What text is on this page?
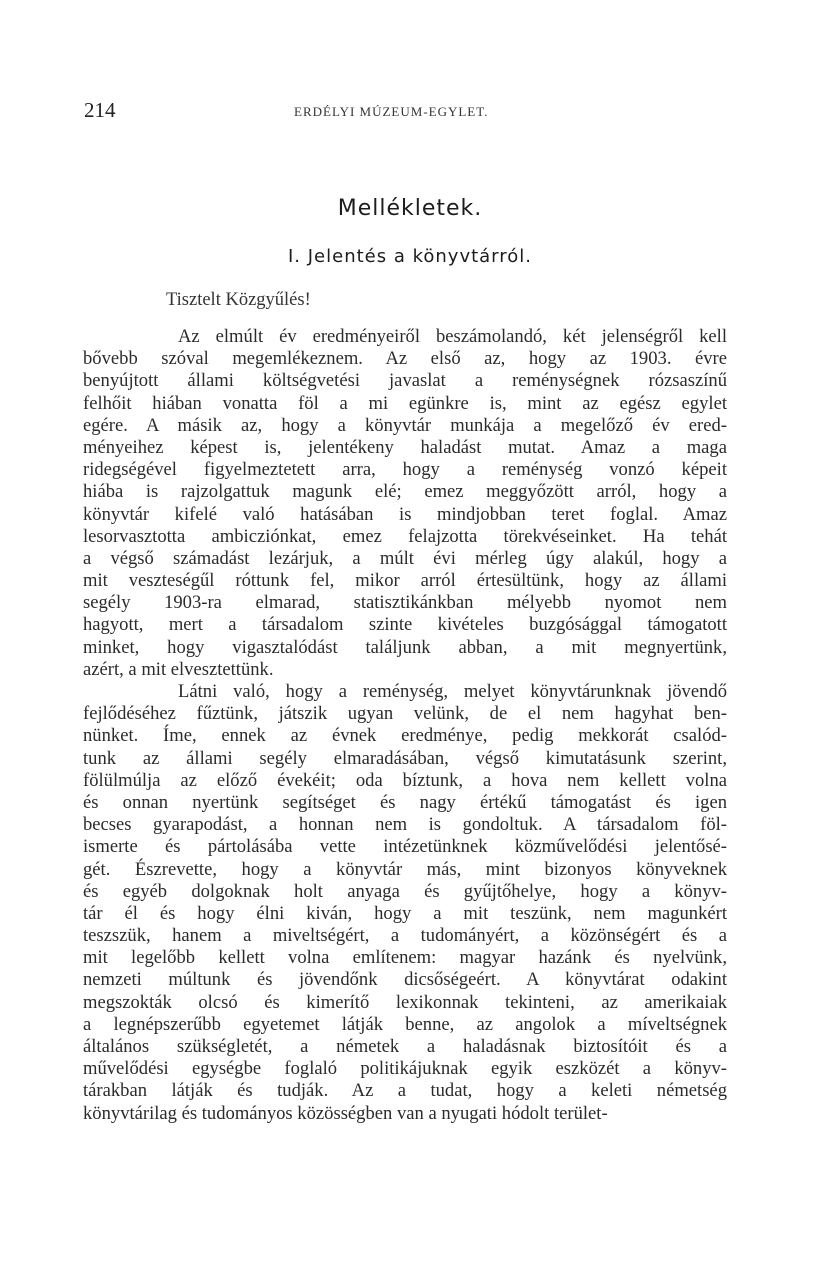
214	ERDÉLYI MÚZEUM-EGYLET.
Mellékletek.
I. Jelentés a könyvtárról.
Tisztelt Közgyűlés!
Az elmúlt év eredményeiről beszámolandó, két jelenségről kell
bővebb szóval megemlékeznem. Az első az, hogy az 1903. évre
benyújtott állami költségvetési javaslat a reménységnek rózsaszínű
felhőit hiában vonatta föl a mi egünkre is, mint az egész egylet
egére. A másik az, hogy a könyvtár munkája a megelőző év ered-
ményeihez képest is, jelentékeny haladást mutat. Amaz a maga
ridegségével figyelmeztetett arra, hogy a reménység vonzó képeit
hiába is rajzolgattuk magunk elé; emez meggyőzött arról, hogy a
könyvtár kifelé való hatásában is mindjobban teret foglal. Amaz
lesorvasztotta ambicziónkat, emez felajzotta törekvéseinket. Ha tehát
a végső számadást lezárjuk, a múlt évi mérleg úgy alakúl, hogy a
mit veszteségűl róttunk fel, mikor arról értesültünk, hogy az állami
segély 1903-ra elmarad, statisztikánkban mélyebb nyomot nem
hagyott, mert a társadalom szinte kivételes buzgósággal támogatott
minket, hogy vigasztalódást találjunk abban, a mit megnyertünk,
azért, a mit elvesztettünk.
Látni való, hogy a reménység, melyet könyvtárunknak jövendő
fejlődéséhez fűztünk, játszik ugyan velünk, de el nem hagyhat ben-
nünket. Íme, ennek az évnek eredménye, pedig mekkorát csalód-
tunk az állami segély elmaradásában, végső kimutatásunk szerint,
fölülmúlja az előző évekéit; oda bíztunk, a hova nem kellett volna
és onnan nyertünk segítséget és nagy értékű támogatást és igen
becses gyarapodást, a honnan nem is gondoltuk. A társadalom föl-
ismerte és pártolásába vette intézetünknek közművelődési jelentősé-
gét. Észrevette, hogy a könyvtár más, mint bizonyos könyveknek
és egyéb dolgoknak holt anyaga és gyűjtőhelye, hogy a könyv-
tár él és hogy élni kiván, hogy a mit teszünk, nem magunkért
teszszük, hanem a miveltségért, a tudományért, a közönségért és a
mit legelőbb kellett volna említenem: magyar hazánk és nyelvünk,
nemzeti múltunk és jövendőnk dicsőségeért. A könyvtárat odakint
megszokták olcsó és kimerítő lexikonnak tekinteni, az amerikaiak
a legnépszerűbb egyetemet látják benne, az angolok a míveltségnek
általános szükségletét, a németek a haladásnak biztosítóit és a
művelődési egységbe foglaló politikájuknak egyik eszközét a könyv-
tárakban látják és tudják. Az a tudat, hogy a keleti németség
könyvtárilag és tudományos közösségben van a nyugati hódolt terület-
